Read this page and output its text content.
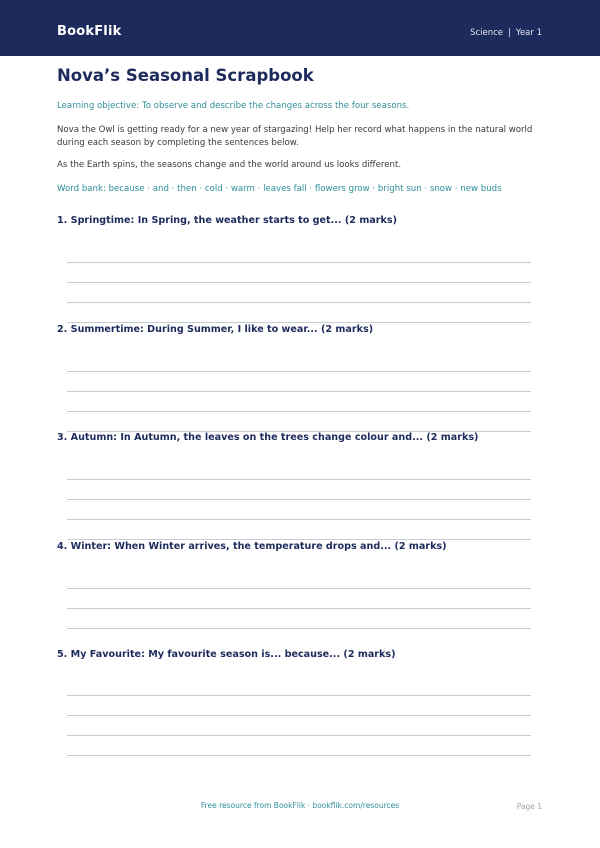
BookFlik	Science | Year 1
Nova’s Seasonal Scrapbook
Learning objective: To observe and describe the changes across the four seasons.
Nova the Owl is getting ready for a new year of stargazing! Help her record what happens in the natural world during each season by completing the sentences below.
As the Earth spins, the seasons change and the world around us looks different.
Word bank: because · and · then · cold · warm · leaves fall · flowers grow · bright sun · snow · new buds
1. Springtime: In Spring, the weather starts to get... (2 marks)
2. Summertime: During Summer, I like to wear... (2 marks)
3. Autumn: In Autumn, the leaves on the trees change colour and... (2 marks)
4. Winter: When Winter arrives, the temperature drops and... (2 marks)
5. My Favourite: My favourite season is... because... (2 marks)
Free resource from BookFlik · bookflik.com/resources	Page 1
